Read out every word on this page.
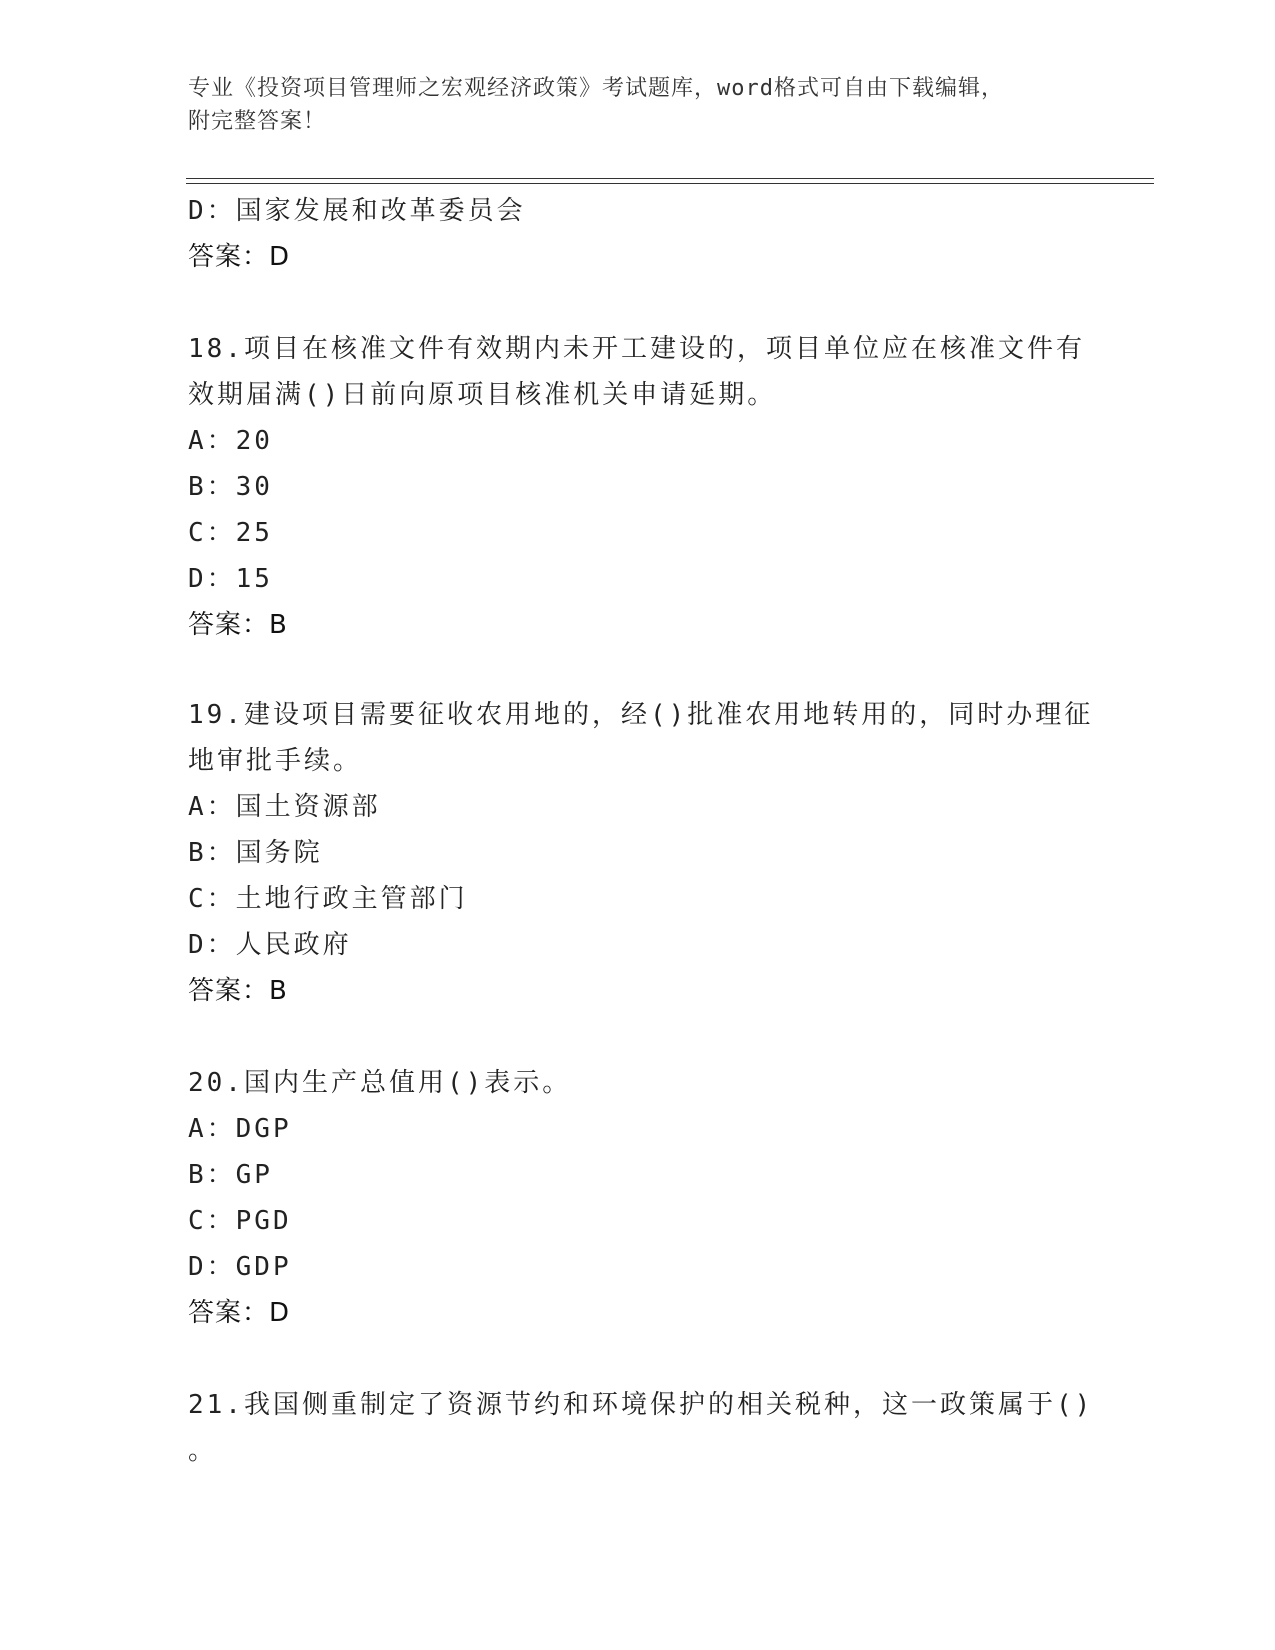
专业《投资项目管理师之宏观经济政策》考试题库，word格式可自由下载编辑，
附完整答案！
D：国家发展和改革委员会
答案：D
18.项目在核准文件有效期内未开工建设的，项目单位应在核准文件有
效期届满()日前向原项目核准机关申请延期。
A：20
B：30
C：25
D：15
答案：B
19.建设项目需要征收农用地的，经()批准农用地转用的，同时办理征
地审批手续。
A：国土资源部
B：国务院
C：土地行政主管部门
D：人民政府
答案：B
20.国内生产总值用()表示。
A：DGP
B：GP
C：PGD
D：GDP
答案：D
21.我国侧重制定了资源节约和环境保护的相关税种，这一政策属于()
。
